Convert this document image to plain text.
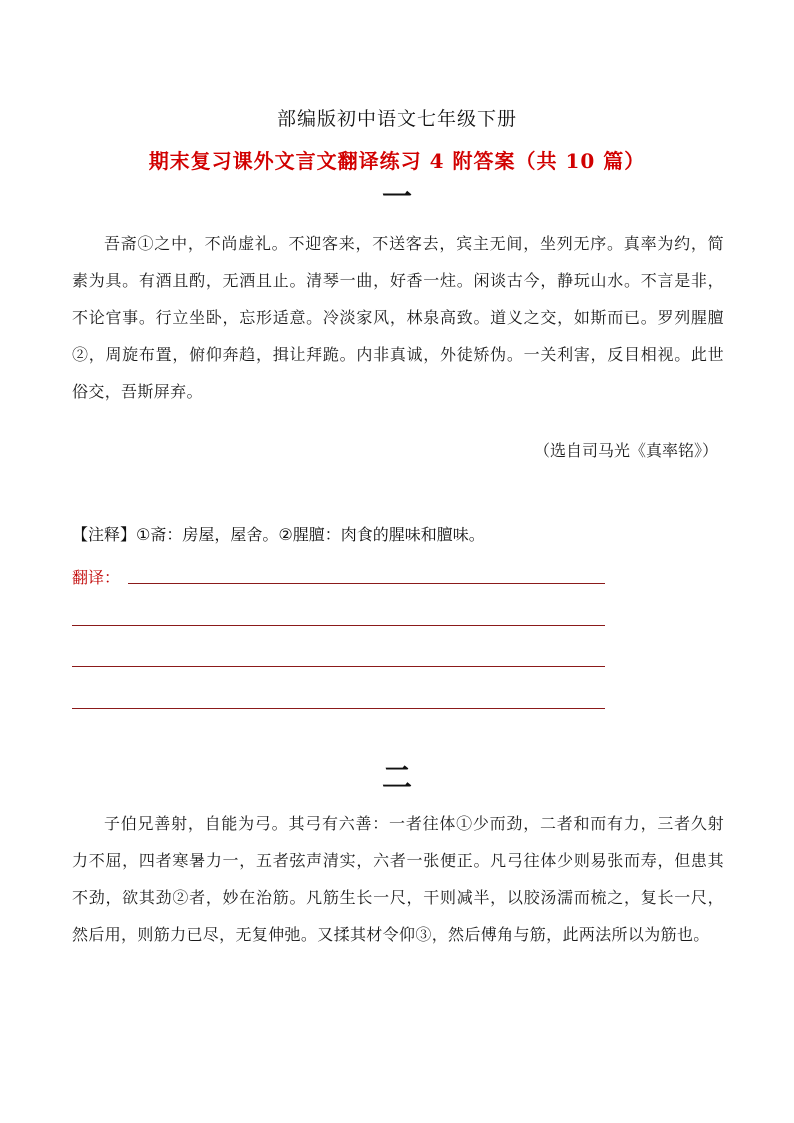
部编版初中语文七年级下册
期末复习课外文言文翻译练习 4 附答案（共 10 篇）
一
吾斋①之中，不尚虚礼。不迎客来，不送客去，宾主无间，坐列无序。真率为约，简素为具。有酒且酌，无酒且止。清琴一曲，好香一炷。闲谈古今，静玩山水。不言是非，不论官事。行立坐卧，忘形适意。冷淡家风，林泉高致。道义之交，如斯而已。罗列腥膻②，周旋布置，俯仰奔趋，揖让拜跪。内非真诚，外徒矫伪。一关利害，反目相视。此世俗交，吾斯屏弃。
（选自司马光《真率铭》）
【注释】①斋：房屋，屋舍。②腥膻：肉食的腥味和膻味。
翻译：
二
子伯兄善射，自能为弓。其弓有六善：一者往体①少而劲，二者和而有力，三者久射力不屈，四者寒暑力一，五者弦声清实，六者一张便正。凡弓往体少则易张而寿，但患其不劲，欲其劲②者，妙在治筋。凡筋生长一尺，干则减半，以胶汤濡而梳之，复长一尺，然后用，则筋力已尽，无复伸弛。又揉其材令仰③，然后傅角与筋，此两法所以为筋也。
